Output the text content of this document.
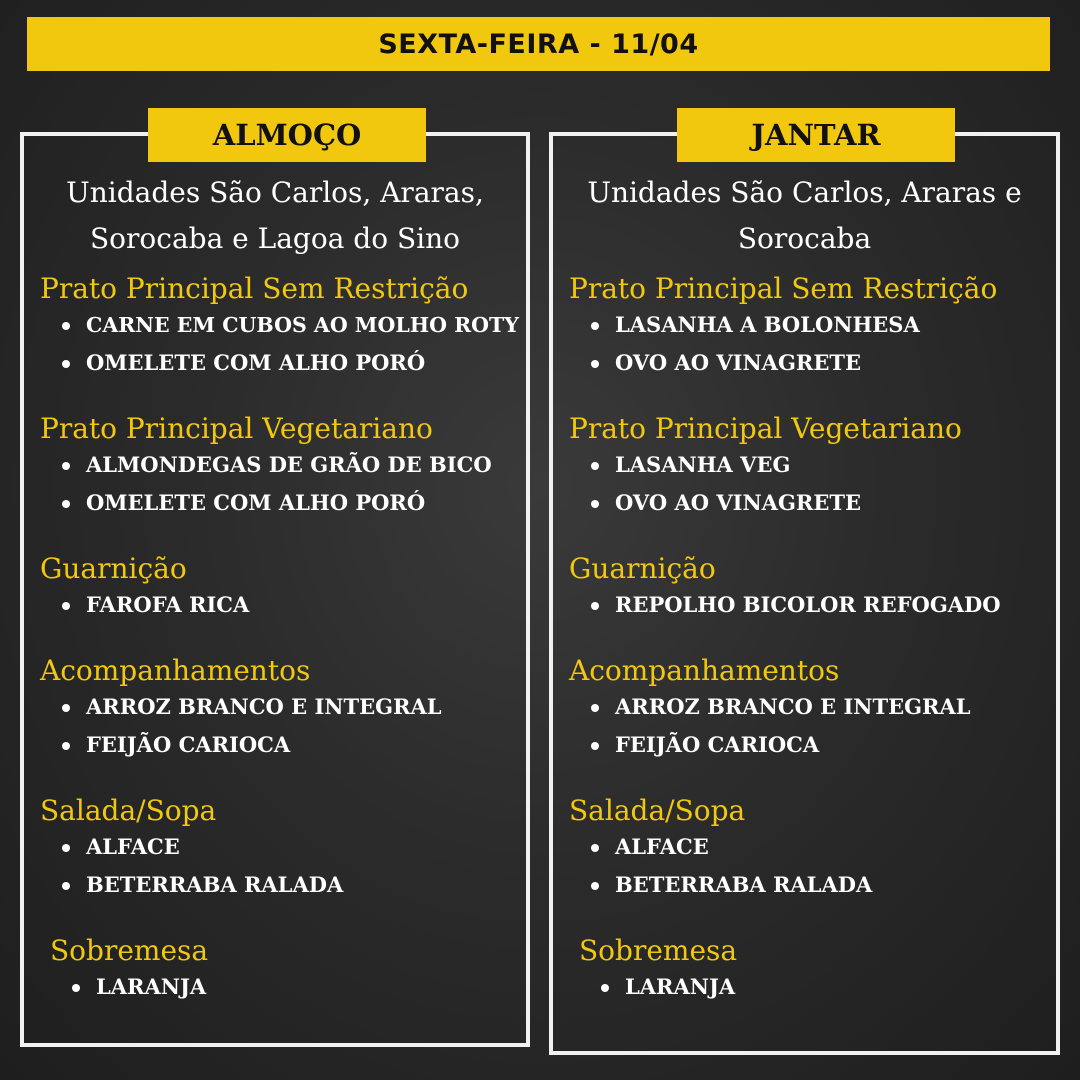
SEXTA-FEIRA - 11/04
ALMOÇO
Unidades São Carlos, Araras, Sorocaba e Lagoa do Sino
Prato Principal Sem Restrição
CARNE EM CUBOS AO MOLHO ROTY
OMELETE COM ALHO PORÓ
Prato Principal Vegetariano
ALMONDEGAS DE GRÃO DE BICO
OMELETE COM ALHO PORÓ
Guarnição
FAROFA RICA
Acompanhamentos
ARROZ BRANCO E INTEGRAL
FEIJÃO CARIOCA
Salada/Sopa
ALFACE
BETERRABA RALADA
Sobremesa
LARANJA
JANTAR
Unidades São Carlos, Araras e Sorocaba
Prato Principal Sem Restrição
LASANHA A BOLONHESA
OVO AO VINAGRETE
Prato Principal Vegetariano
LASANHA VEG
OVO AO VINAGRETE
Guarnição
REPOLHO BICOLOR REFOGADO
Acompanhamentos
ARROZ BRANCO E INTEGRAL
FEIJÃO CARIOCA
Salada/Sopa
ALFACE
BETERRABA RALADA
Sobremesa
LARANJA
